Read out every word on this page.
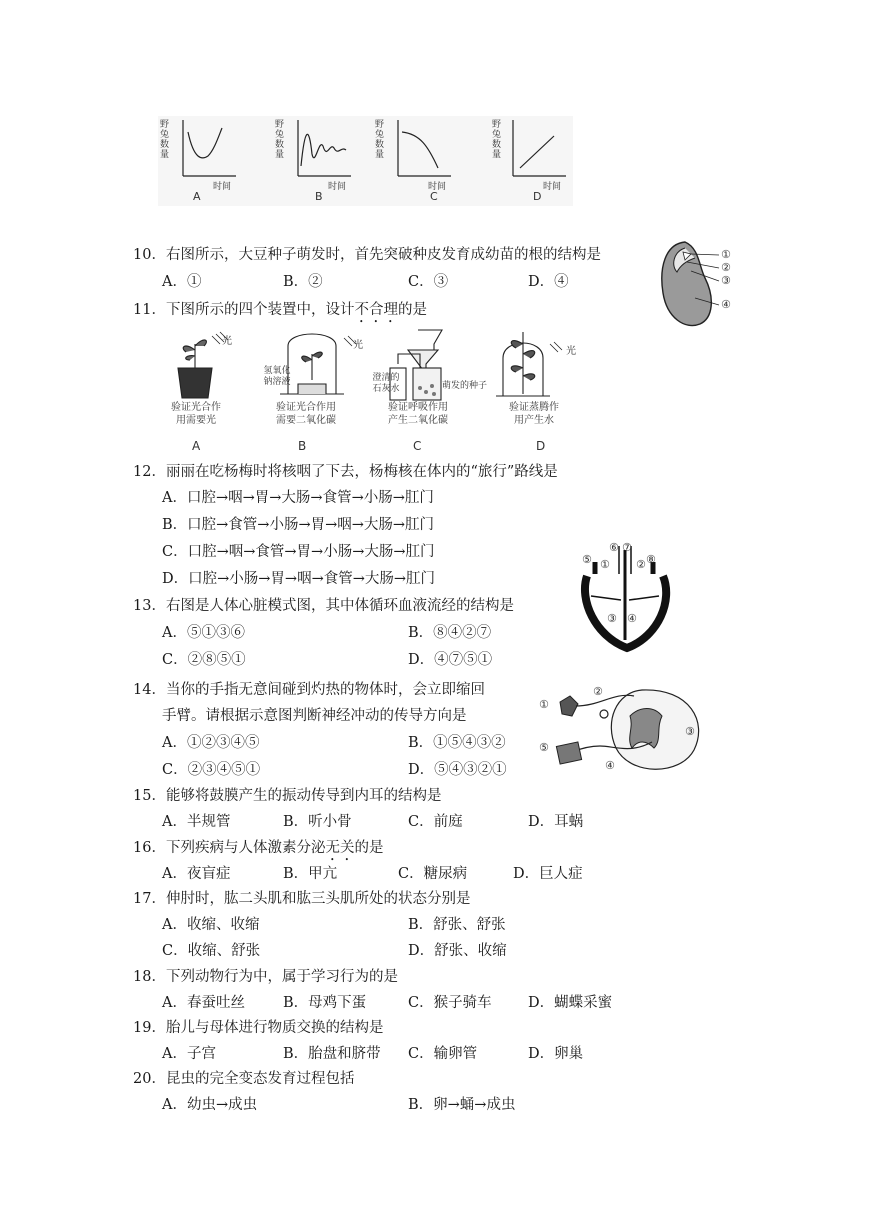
野兔数量
野兔数量
野兔数量
野兔数量
时间	时间	时间	时间
A	B	C	D
10．右图所示，大豆种子萌发时，首先突破种皮发育成幼苗的根的结构是
A．①	B．②	C．③	D．④
①
②
③
④
11．下图所示的四个装置中，设计不合理的是
光	光
光
氢氧化钠溶液	澄清的石灰水	萌发的种子
验证光合作用需要光
验证光合作用需要二氧化碳
验证呼吸作用产生二氧化碳
验证蒸腾作用产生水
A	B	C	D
12．丽丽在吃杨梅时将核咽了下去，杨梅核在体内的“旅行”路线是
A．口腔→咽→胃→大肠→食管→小肠→肛门
B．口腔→食管→小肠→胃→咽→大肠→肛门
C．口腔→咽→食管→胃→小肠→大肠→肛门
D．口腔→小肠→胃→咽→食管→大肠→肛门
① ②
③ ④
⑤
⑥ ⑦
⑧
13．右图是人体心脏模式图，其中体循环血液流经的结构是
A．⑤①③⑥	B．⑧④②⑦
C．②⑧⑤①	D．④⑦⑤①
①
②
③
④
⑤
14．当你的手指无意间碰到灼热的物体时，会立即缩回
手臂。请根据示意图判断神经冲动的传导方向是
A．①②③④⑤	B．①⑤④③②
C．②③④⑤①	D．⑤④③②①
15．能够将鼓膜产生的振动传导到内耳的结构是
A．半规管	B．听小骨	C．前庭	D．耳蜗
16．下列疾病与人体激素分泌无关的是
A．夜盲症	B．甲亢	C．糖尿病	D．巨人症
17．伸肘时，肱二头肌和肱三头肌所处的状态分别是
A．收缩、收缩	B．舒张、舒张
C．收缩、舒张	D．舒张、收缩
18．下列动物行为中，属于学习行为的是
A．春蚕吐丝	B．母鸡下蛋	C．猴子骑车	D．蝴蝶采蜜
19．胎儿与母体进行物质交换的结构是
A．子宫	B．胎盘和脐带 C．输卵管	D．卵巢
20．昆虫的完全变态发育过程包括
A．幼虫→成虫	B．卵→蛹→成虫
